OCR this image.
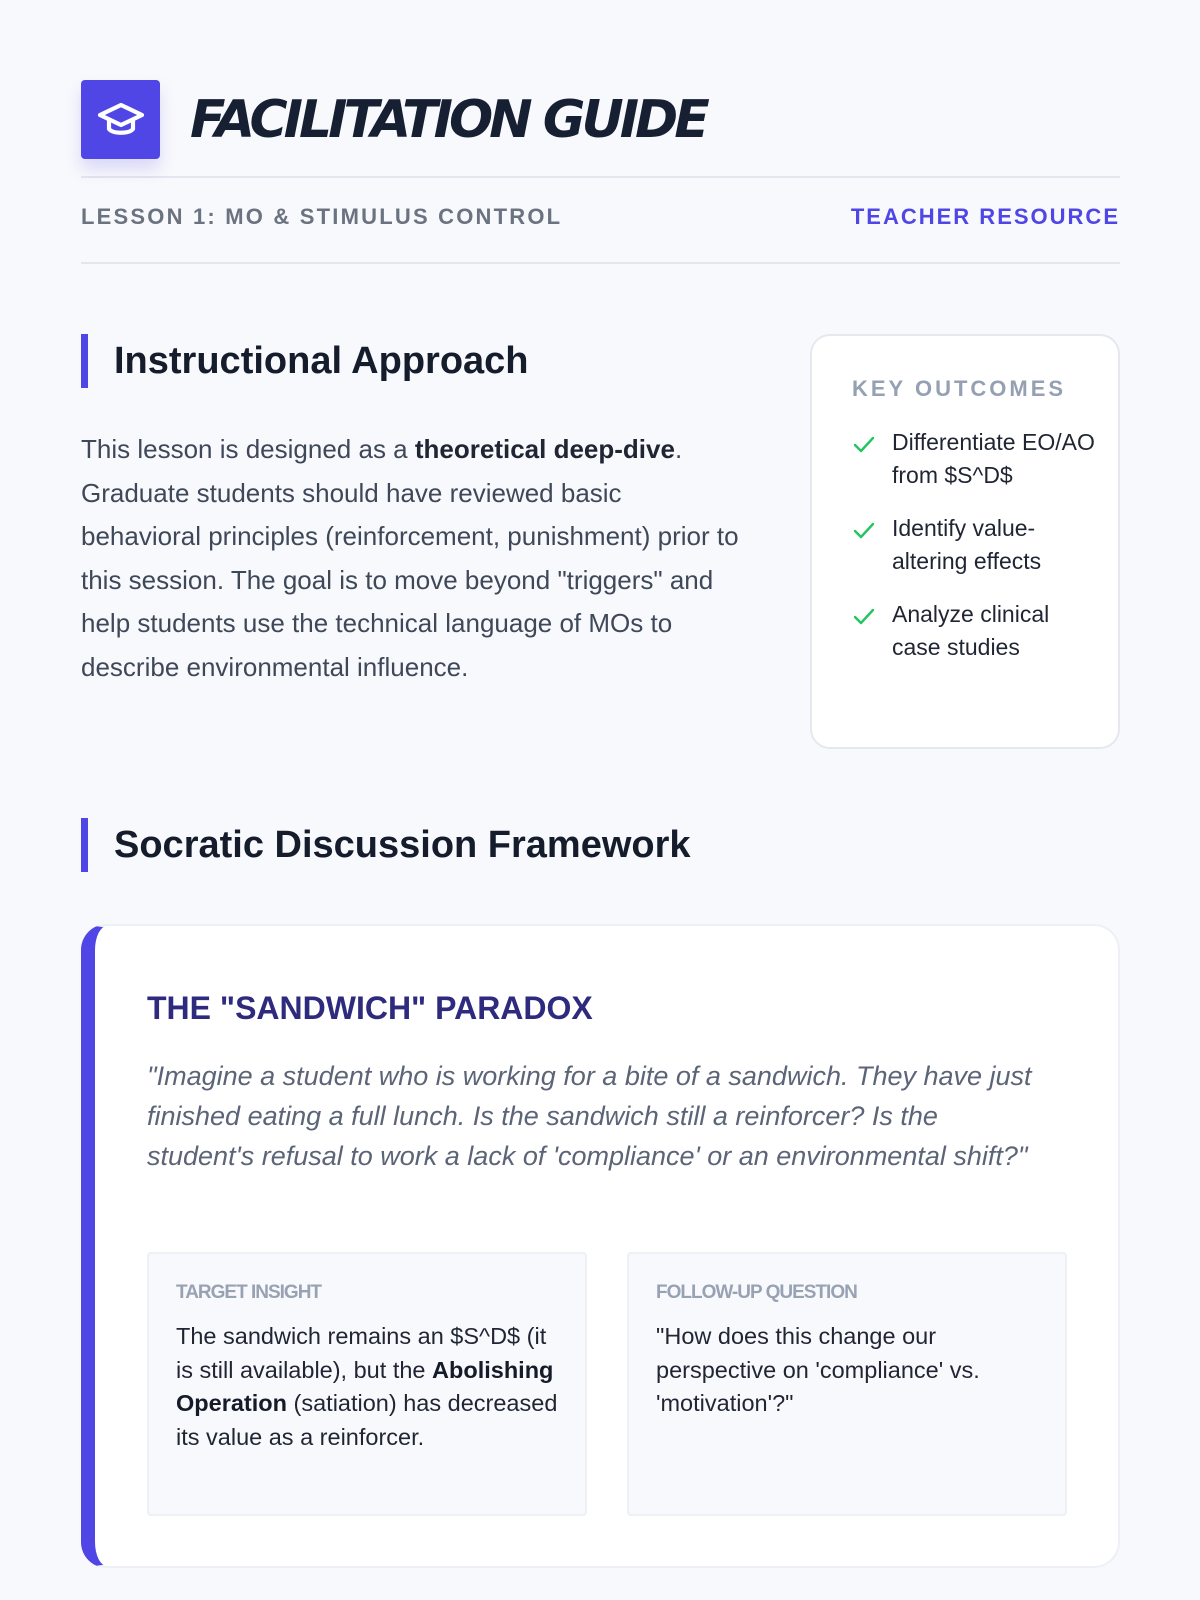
FACILITATION GUIDE
LESSON 1: MO & STIMULUS CONTROL	TEACHER RESOURCE
Instructional Approach
This lesson is designed as a theoretical deep-dive. Graduate students should have reviewed basic behavioral principles (reinforcement, punishment) prior to this session. The goal is to move beyond "triggers" and help students use the technical language of MOs to describe environmental influence.
KEY OUTCOMES
Differentiate EO/AO from $S^D$
Identify value-altering effects
Analyze clinical case studies
Socratic Discussion Framework
THE "SANDWICH" PARADOX
"Imagine a student who is working for a bite of a sandwich. They have just finished eating a full lunch. Is the sandwich still a reinforcer? Is the student's refusal to work a lack of 'compliance' or an environmental shift?"
TARGET INSIGHT
The sandwich remains an $S^D$ (it is still available), but the Abolishing Operation (satiation) has decreased its value as a reinforcer.
FOLLOW-UP QUESTION
"How does this change our perspective on 'compliance' vs. 'motivation'?"
